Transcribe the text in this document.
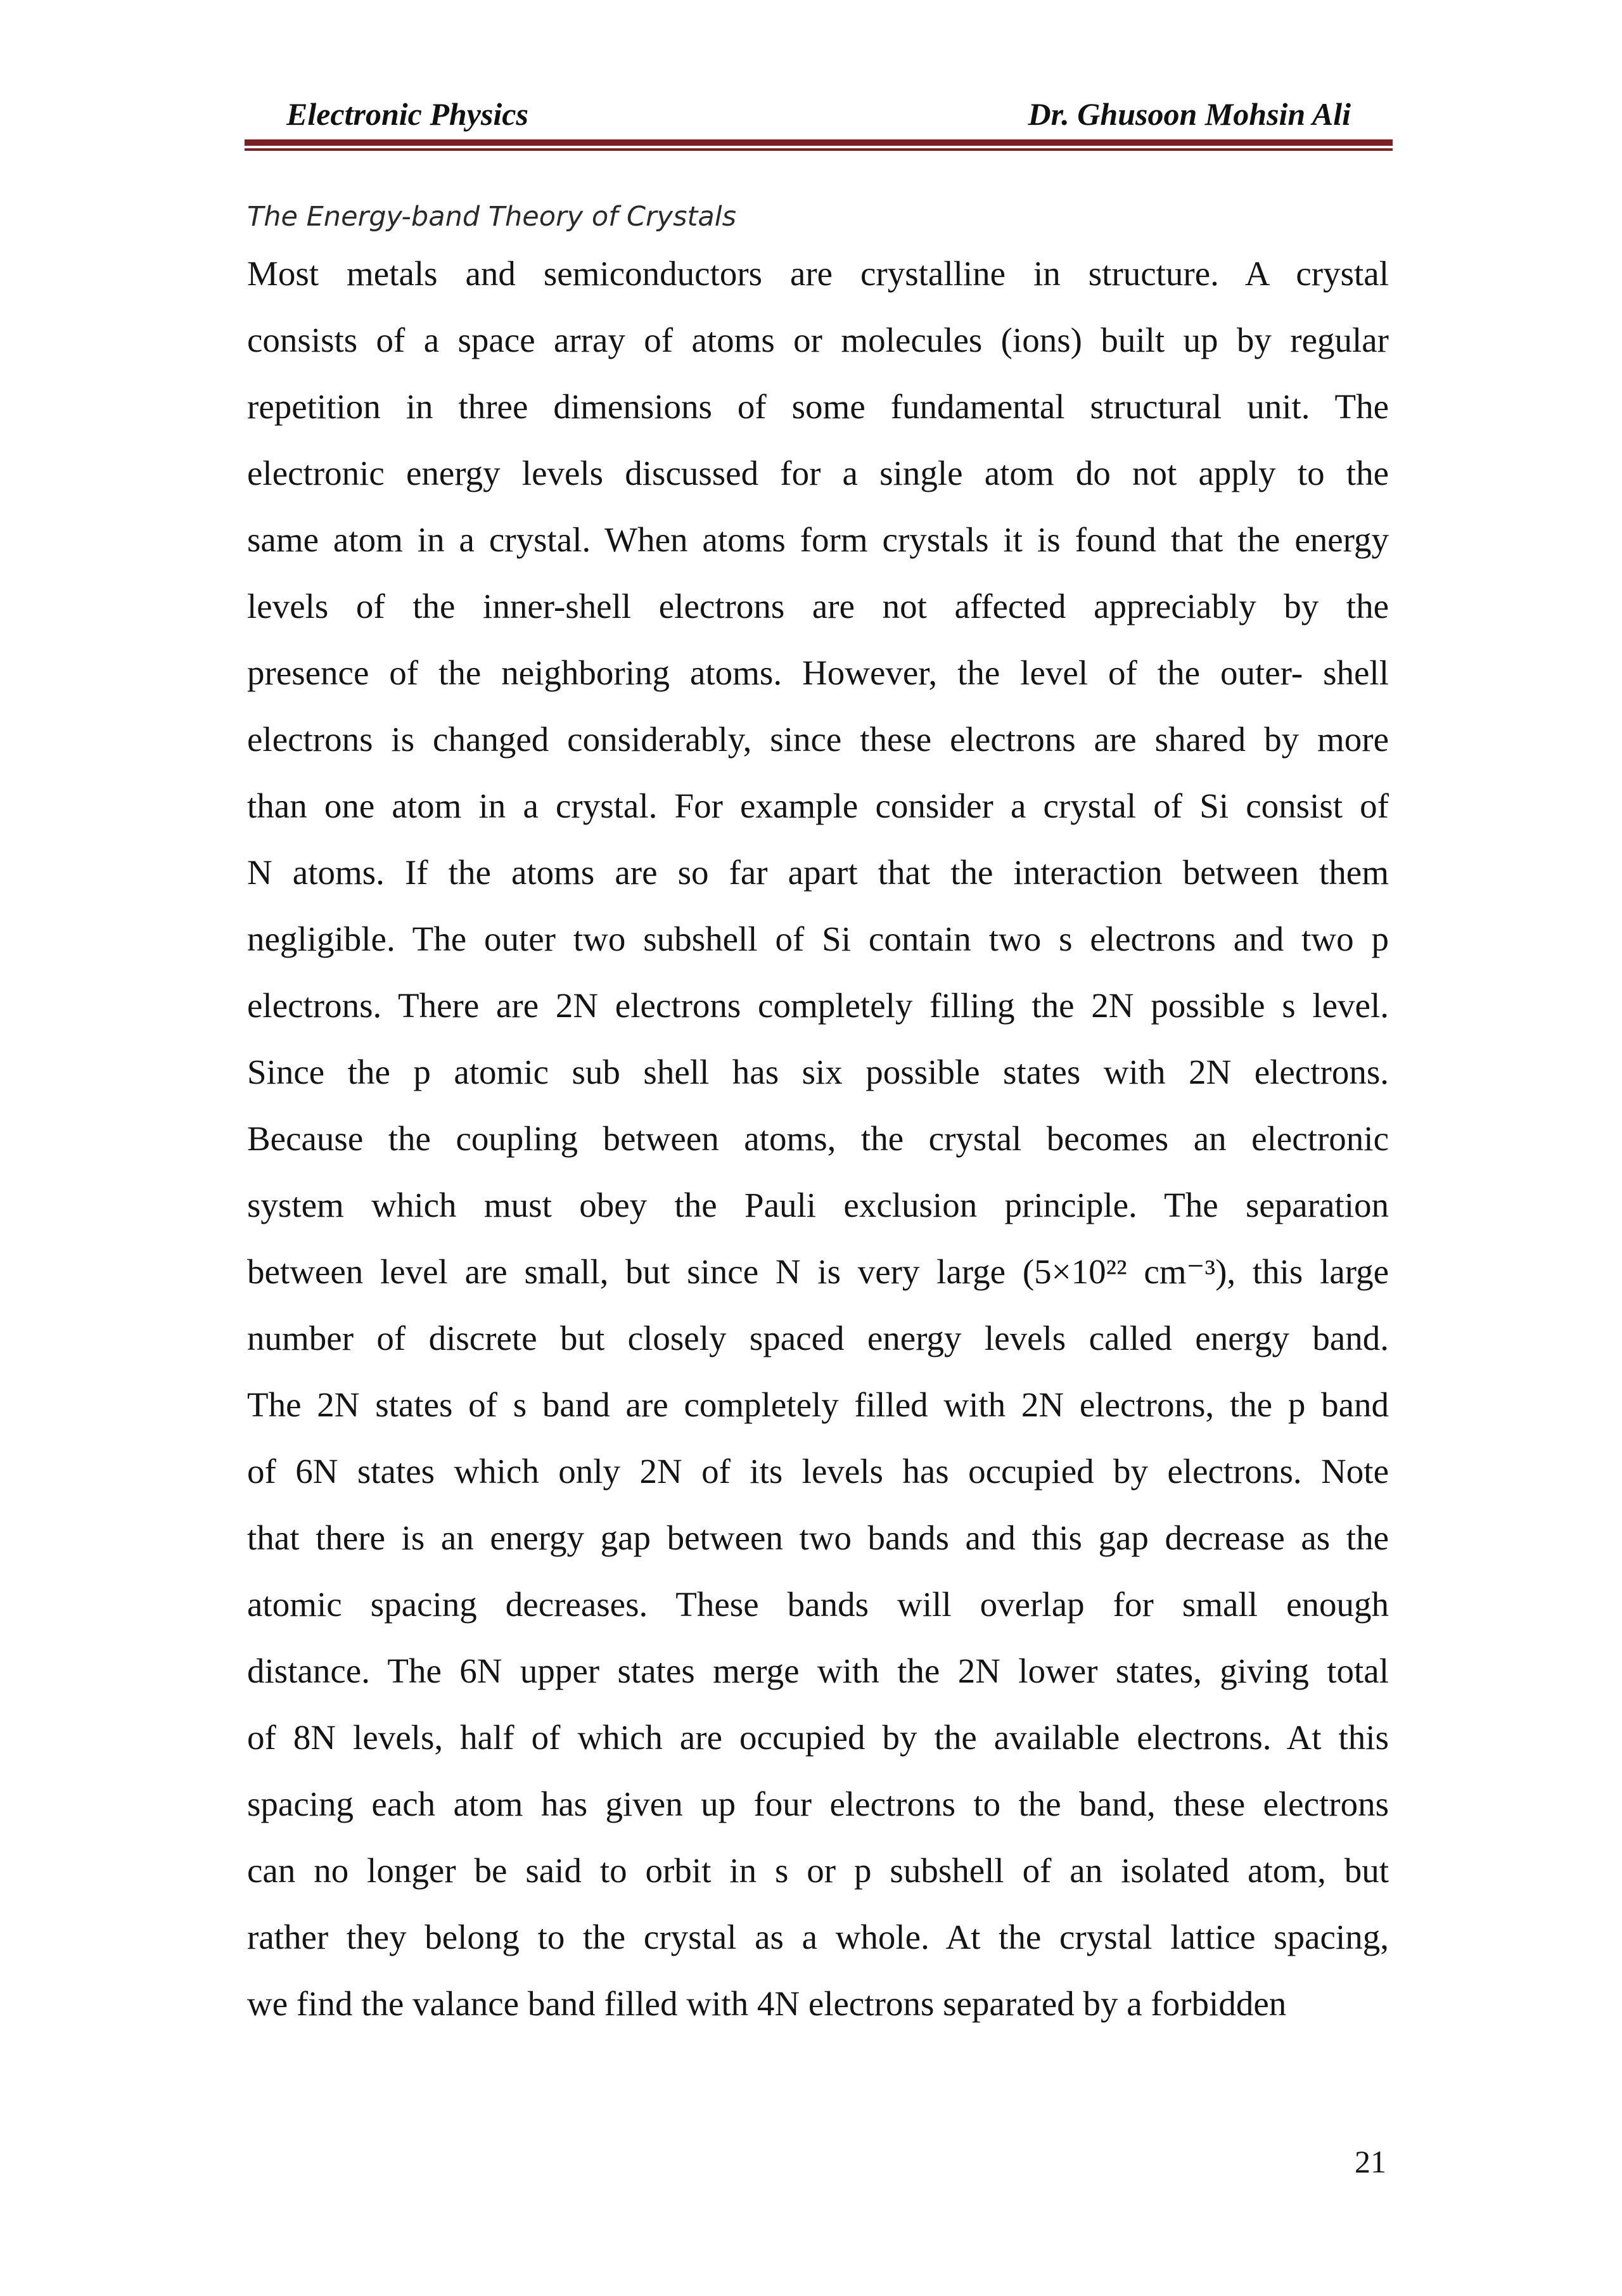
Electronic Physics	Dr. Ghusoon Mohsin Ali
The Energy-band Theory of Crystals
Most metals and semiconductors are crystalline in structure. A crystal
consists of a space array of atoms or molecules (ions) built up by regular
repetition in three dimensions of some fundamental structural unit. The
electronic energy levels discussed for a single atom do not apply to the
same atom in a crystal. When atoms form crystals it is found that the energy
levels of the inner-shell electrons are not affected appreciably by the
presence of the neighboring atoms. However, the level of the outer- shell
electrons is changed considerably, since these electrons are shared by more
than one atom in a crystal. For example consider a crystal of Si consist of
N atoms. If the atoms are so far apart that the interaction between them
negligible. The outer two subshell of Si contain two s electrons and two p
electrons. There are 2N electrons completely filling the 2N possible s level.
Since the p atomic sub shell has six possible states with 2N electrons.
Because the coupling between atoms, the crystal becomes an electronic
system which must obey the Pauli exclusion principle. The separation
between level are small, but since N is very large (5×10²² cm⁻³), this large
number of discrete but closely spaced energy levels called energy band.
The 2N states of s band are completely filled with 2N electrons, the p band
of 6N states which only 2N of its levels has occupied by electrons. Note
that there is an energy gap between two bands and this gap decrease as the
atomic spacing decreases. These bands will overlap for small enough
distance. The 6N upper states merge with the 2N lower states, giving total
of 8N levels, half of which are occupied by the available electrons. At this
spacing each atom has given up four electrons to the band, these electrons
can no longer be said to orbit in s or p subshell of an isolated atom, but
rather they belong to the crystal as a whole. At the crystal lattice spacing,
we find the valance band filled with 4N electrons separated by a forbidden
21
